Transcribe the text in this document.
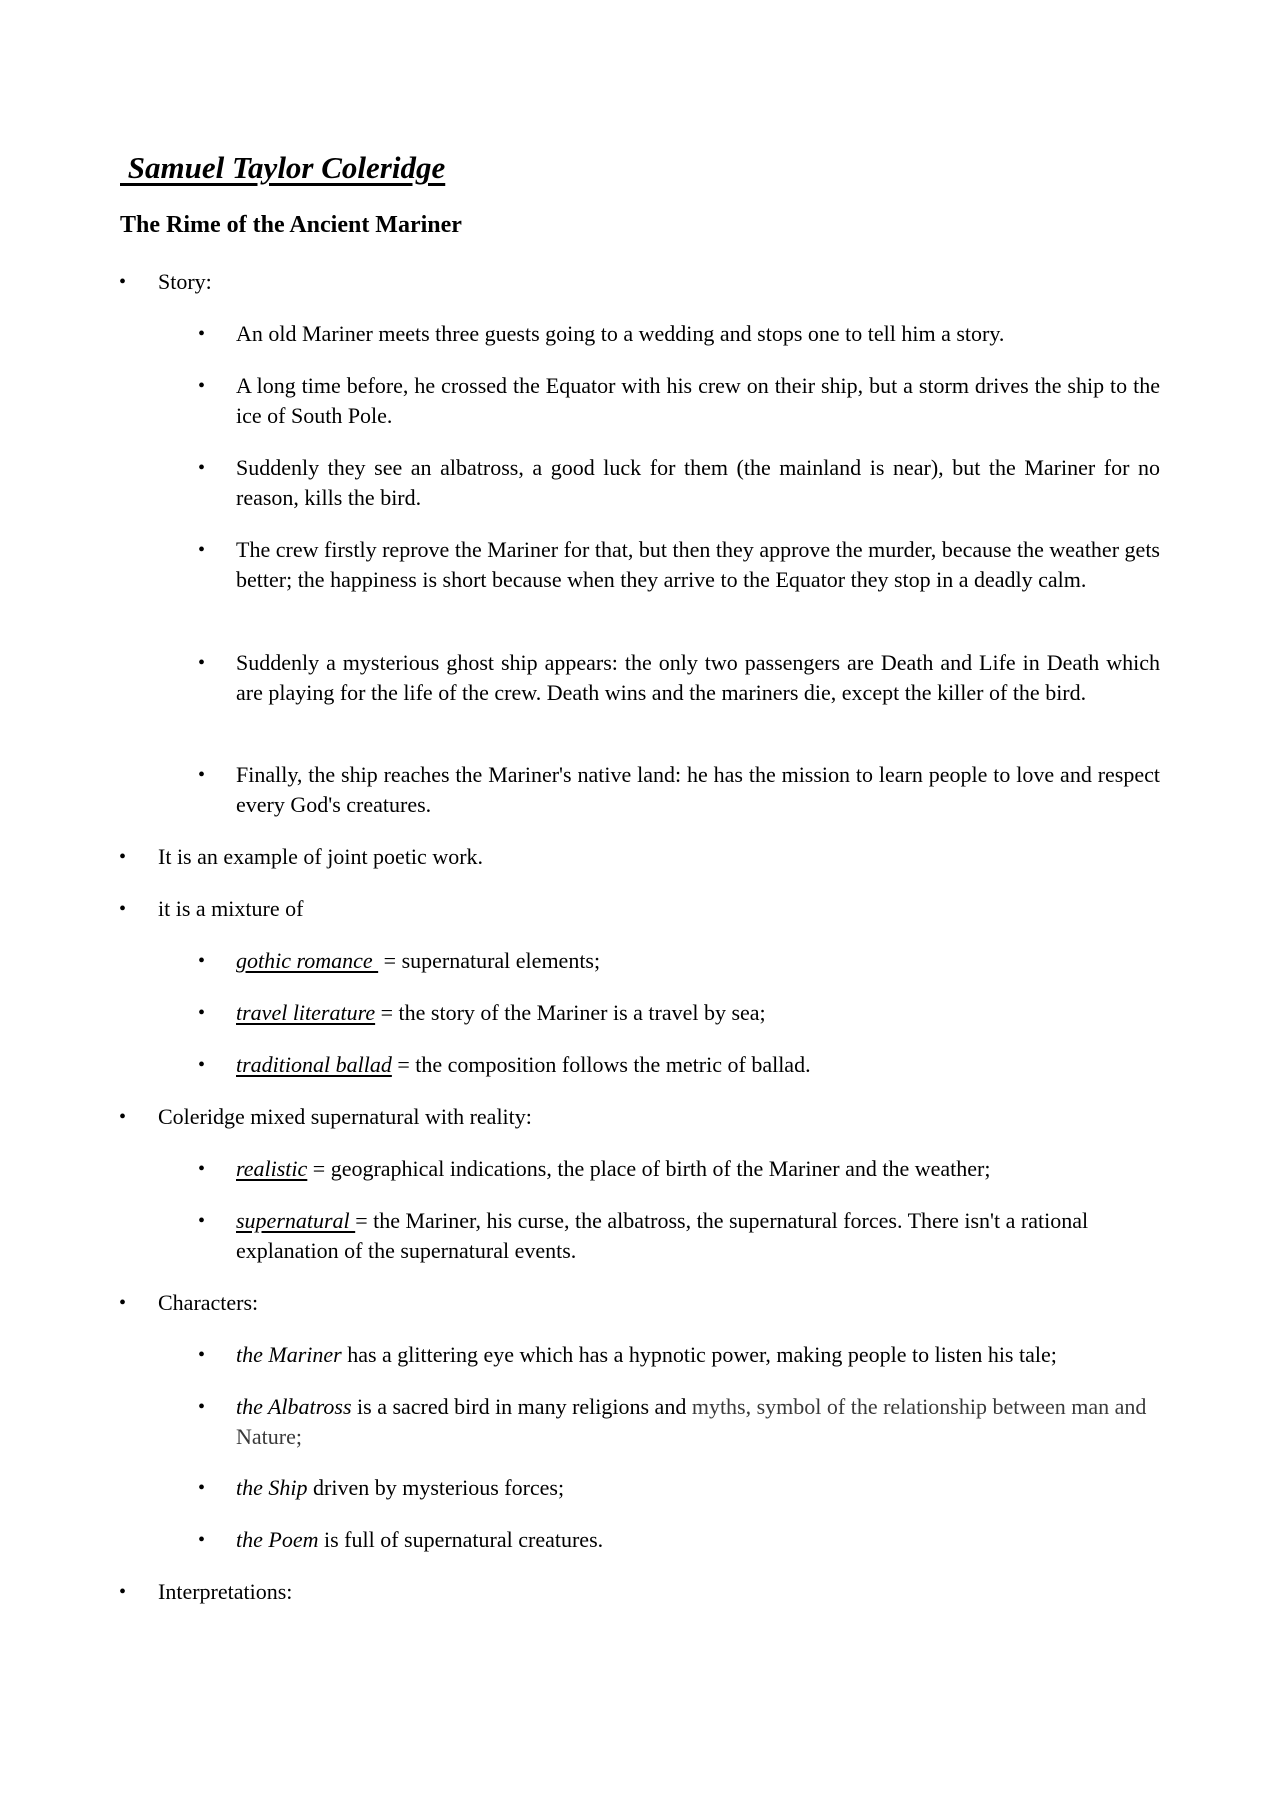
Samuel Taylor Coleridge
The Rime of the Ancient Mariner
• Story:
• An old Mariner meets three guests going to a wedding and stops one to tell him a story.
• A long time before, he crossed the Equator with his crew on their ship, but a storm drives the ship to the ice of South Pole.
• Suddenly they see an albatross, a good luck for them (the mainland is near), but the Mariner for no reason, kills the bird.
• The crew firstly reprove the Mariner for that, but then they approve the murder, because the weather gets better; the happiness is short because when they arrive to the Equator they stop in a deadly calm.
• Suddenly a mysterious ghost ship appears: the only two passengers are Death and Life in Death which are playing for the life of the crew. Death wins and the mariners die, except the killer of the bird.
• Finally, the ship reaches the Mariner's native land: he has the mission to learn people to love and respect every God's creatures.
• It is an example of joint poetic work.
• it is a mixture of
• gothic romance  = supernatural elements;
• travel literature = the story of the Mariner is a travel by sea;
• traditional ballad = the composition follows the metric of ballad.
• Coleridge mixed supernatural with reality:
• realistic = geographical indications, the place of birth of the Mariner and the weather;
• supernatural = the Mariner, his curse, the albatross, the supernatural forces. There isn't a rational explanation of the supernatural events.
• Characters:
• the Mariner has a glittering eye which has a hypnotic power, making people to listen his tale;
• the Albatross is a sacred bird in many religions and myths, symbol of the relationship between man and Nature;
• the Ship driven by mysterious forces;
• the Poem is full of supernatural creatures.
• Interpretations:
